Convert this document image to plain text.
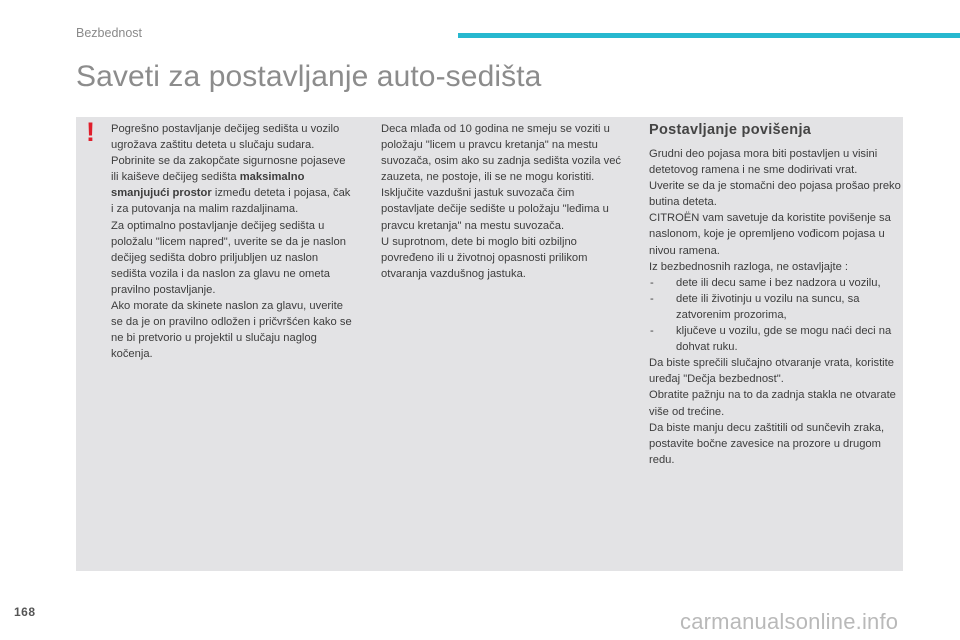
Bezbednost
Saveti za postavljanje auto-sedišta
! Pogrešno postavljanje dečijeg sedišta u vozilo ugrožava zaštitu deteta u slučaju sudara.

Pobrinite se da zakopčate sigurnosne pojaseve ili kaiševe dečijeg sedišta maksimalno smanjujući prostor između deteta i pojasa, čak i za putovanja na malim razdaljinama.

Za optimalno postavljanje dečijeg sedišta u položalu "licem napred", uverite se da je naslon dečijeg sedišta dobro priljubljen uz naslon sedišta vozila i da naslon za glavu ne ometa pravilno postavljanje.

Ako morate da skinete naslon za glavu, uverite se da je on pravilno odložen i pričvršćen kako se ne bi pretvorio u projektil u slučaju naglog kočenja.

Deca mlađa od 10 godina ne smeju se voziti u položaju "licem u pravcu kretanja" na mestu suvozača, osim ako su zadnja sedišta vozila već zauzeta, ne postoje, ili se ne mogu koristiti.

Isključite vazdušni jastuk suvozača čim postavljate dečije sedište u položaju "leđima u pravcu kretanja" na mestu suvozača.

U suprotnom, dete bi moglo biti ozbiljno povređeno ili u životnoj opasnosti prilikom otvaranja vazdušnog jastuka.

Postavljanje povišenja

Grudni deo pojasa mora biti postavljen u visini detetovog ramena i ne sme dodirivati vrat.

Uverite se da je stomačni deo pojasa prošao preko butina deteta.

CITROËN vam savetuje da koristite povišenje sa naslonom, koje je opremljeno vođicom pojasa u nivou ramena.

Iz bezbednosnih razloga, ne ostavljajte :

- dete ili decu same i bez nadzora u vozilu,
- dete ili životinju u vozilu na suncu, sa zatvorenim prozorima,
- ključeve u vozilu, gde se mogu naći deci na dohvat ruku.

Da biste sprečili slučajno otvaranje vrata, koristite uređaj "Dečja bezbednost".

Obratite pažnju na to da zadnja stakla ne otvarate više od trećine.

Da biste manju decu zaštitili od sunčevih zraka, postavite bočne zavesice na prozore u drugom redu.

168	carmanualsonline.info
